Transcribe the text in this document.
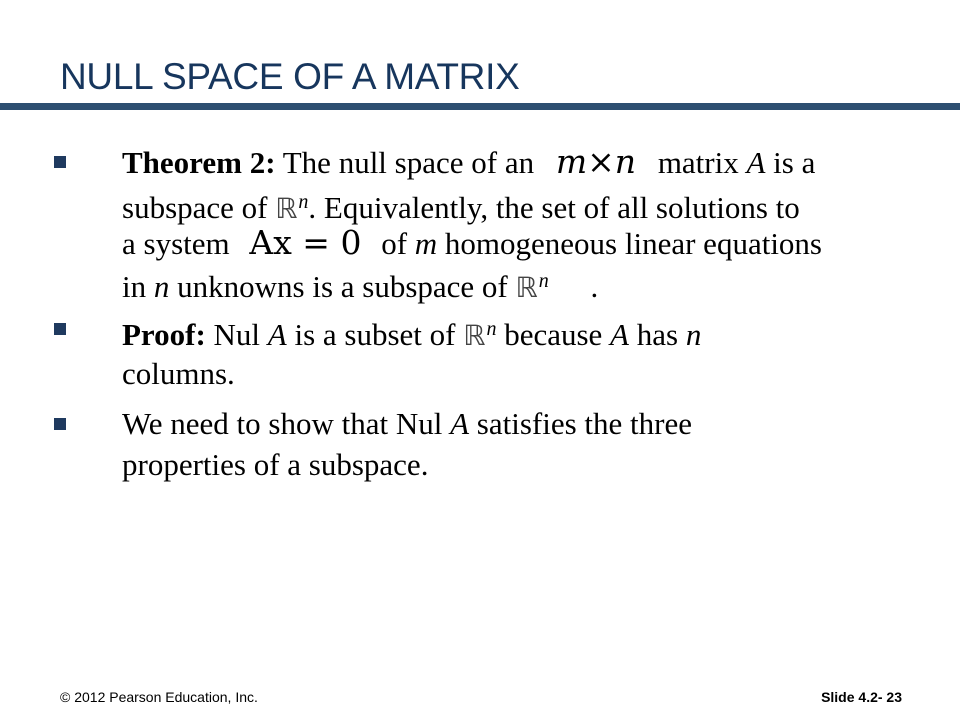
NULL SPACE OF A MATRIX
Theorem 2: The null space of an m×n matrix A is a
subspace of ℝ$^n$. Equivalently, the set of all solutions to
a system Ax = 0 of m homogeneous linear equations
in n unknowns is a subspace of ℝ$^n$ .
Proof: Nul A is a subset of ℝ$^n$ because A has n
columns.
We need to show that Nul A satisfies the three
properties of a subspace.
© 2012 Pearson Education, Inc.	Slide 4.2- 23
